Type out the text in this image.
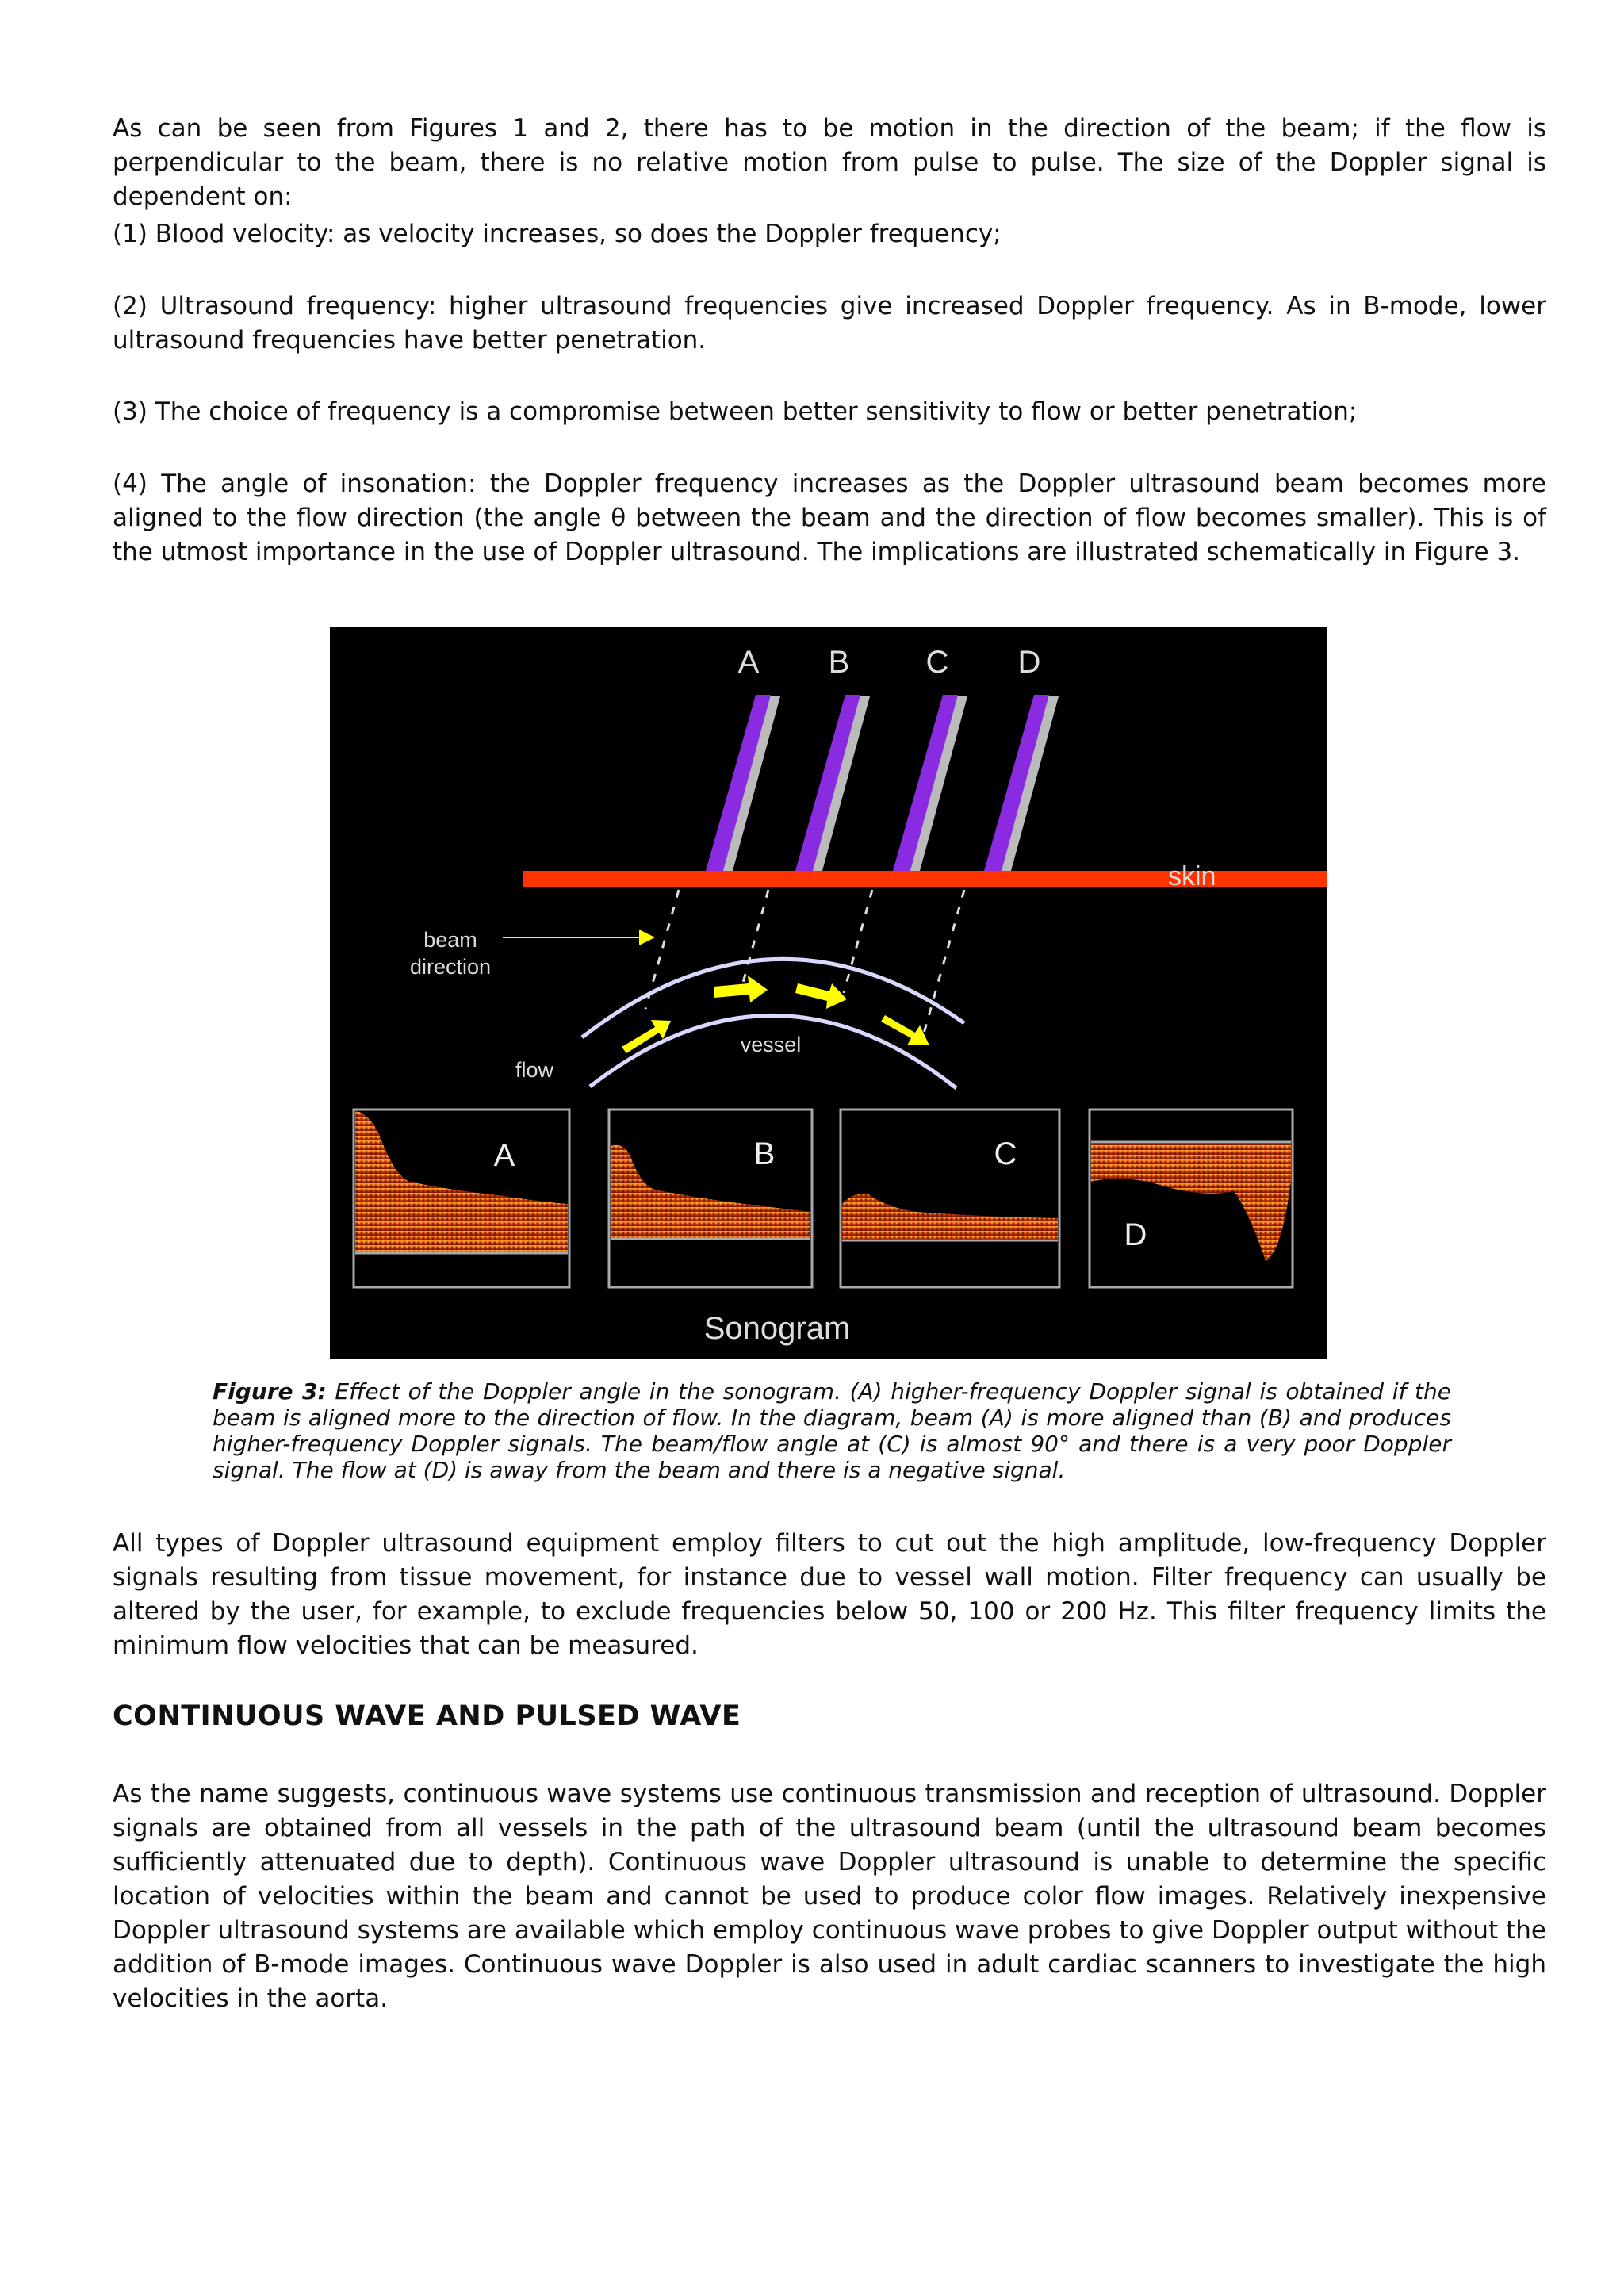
As can be seen from Figures 1 and 2, there has to be motion in the direction of the beam; if the flow is perpendicular to the beam, there is no relative motion from pulse to pulse. The size of the Doppler signal is dependent on:

(1) Blood velocity: as velocity increases, so does the Doppler frequency;

(2) Ultrasound frequency: higher ultrasound frequencies give increased Doppler frequency. As in B-mode, lower ultrasound frequencies have better penetration.

(3) The choice of frequency is a compromise between better sensitivity to flow or better penetration;

(4) The angle of insonation: the Doppler frequency increases as the Doppler ultrasound beam becomes more aligned to the flow direction (the angle θ between the beam and the direction of flow becomes smaller). This is of the utmost importance in the use of Doppler ultrasound. The implications are illustrated schematically in Figure 3.

All types of Doppler ultrasound equipment employ filters to cut out the high amplitude, low-frequency Doppler signals resulting from tissue movement, for instance due to vessel wall motion. Filter frequency can usually be altered by the user, for example, to exclude frequencies below 50, 100 or 200 Hz. This filter frequency limits the minimum flow velocities that can be measured.

CONTINUOUS WAVE AND PULSED WAVE

As the name suggests, continuous wave systems use continuous transmission and reception of ultrasound. Doppler signals are obtained from all vessels in the path of the ultrasound beam (until the ultrasound beam becomes sufficiently attenuated due to depth). Continuous wave Doppler ultrasound is unable to determine the specific location of velocities within the beam and cannot be used to produce color flow images. Relatively inexpensive Doppler ultrasound systems are available which employ continuous wave probes to give Doppler output without the addition of B-mode images. Continuous wave Doppler is also used in adult cardiac scanners to investigate the high velocities in the aorta.

A B C D
skin
beam
direction
vessel
flow
A	B	C
D
Sonogram

Figure 3: Effect of the Doppler angle in the sonogram. (A) higher-frequency Doppler signal is obtained if the beam is aligned more to the direction of flow. In the diagram, beam (A) is more aligned than (B) and produces higher-frequency Doppler signals. The beam/flow angle at (C) is almost 90° and there is a very poor Doppler signal. The flow at (D) is away from the beam and there is a negative signal.
